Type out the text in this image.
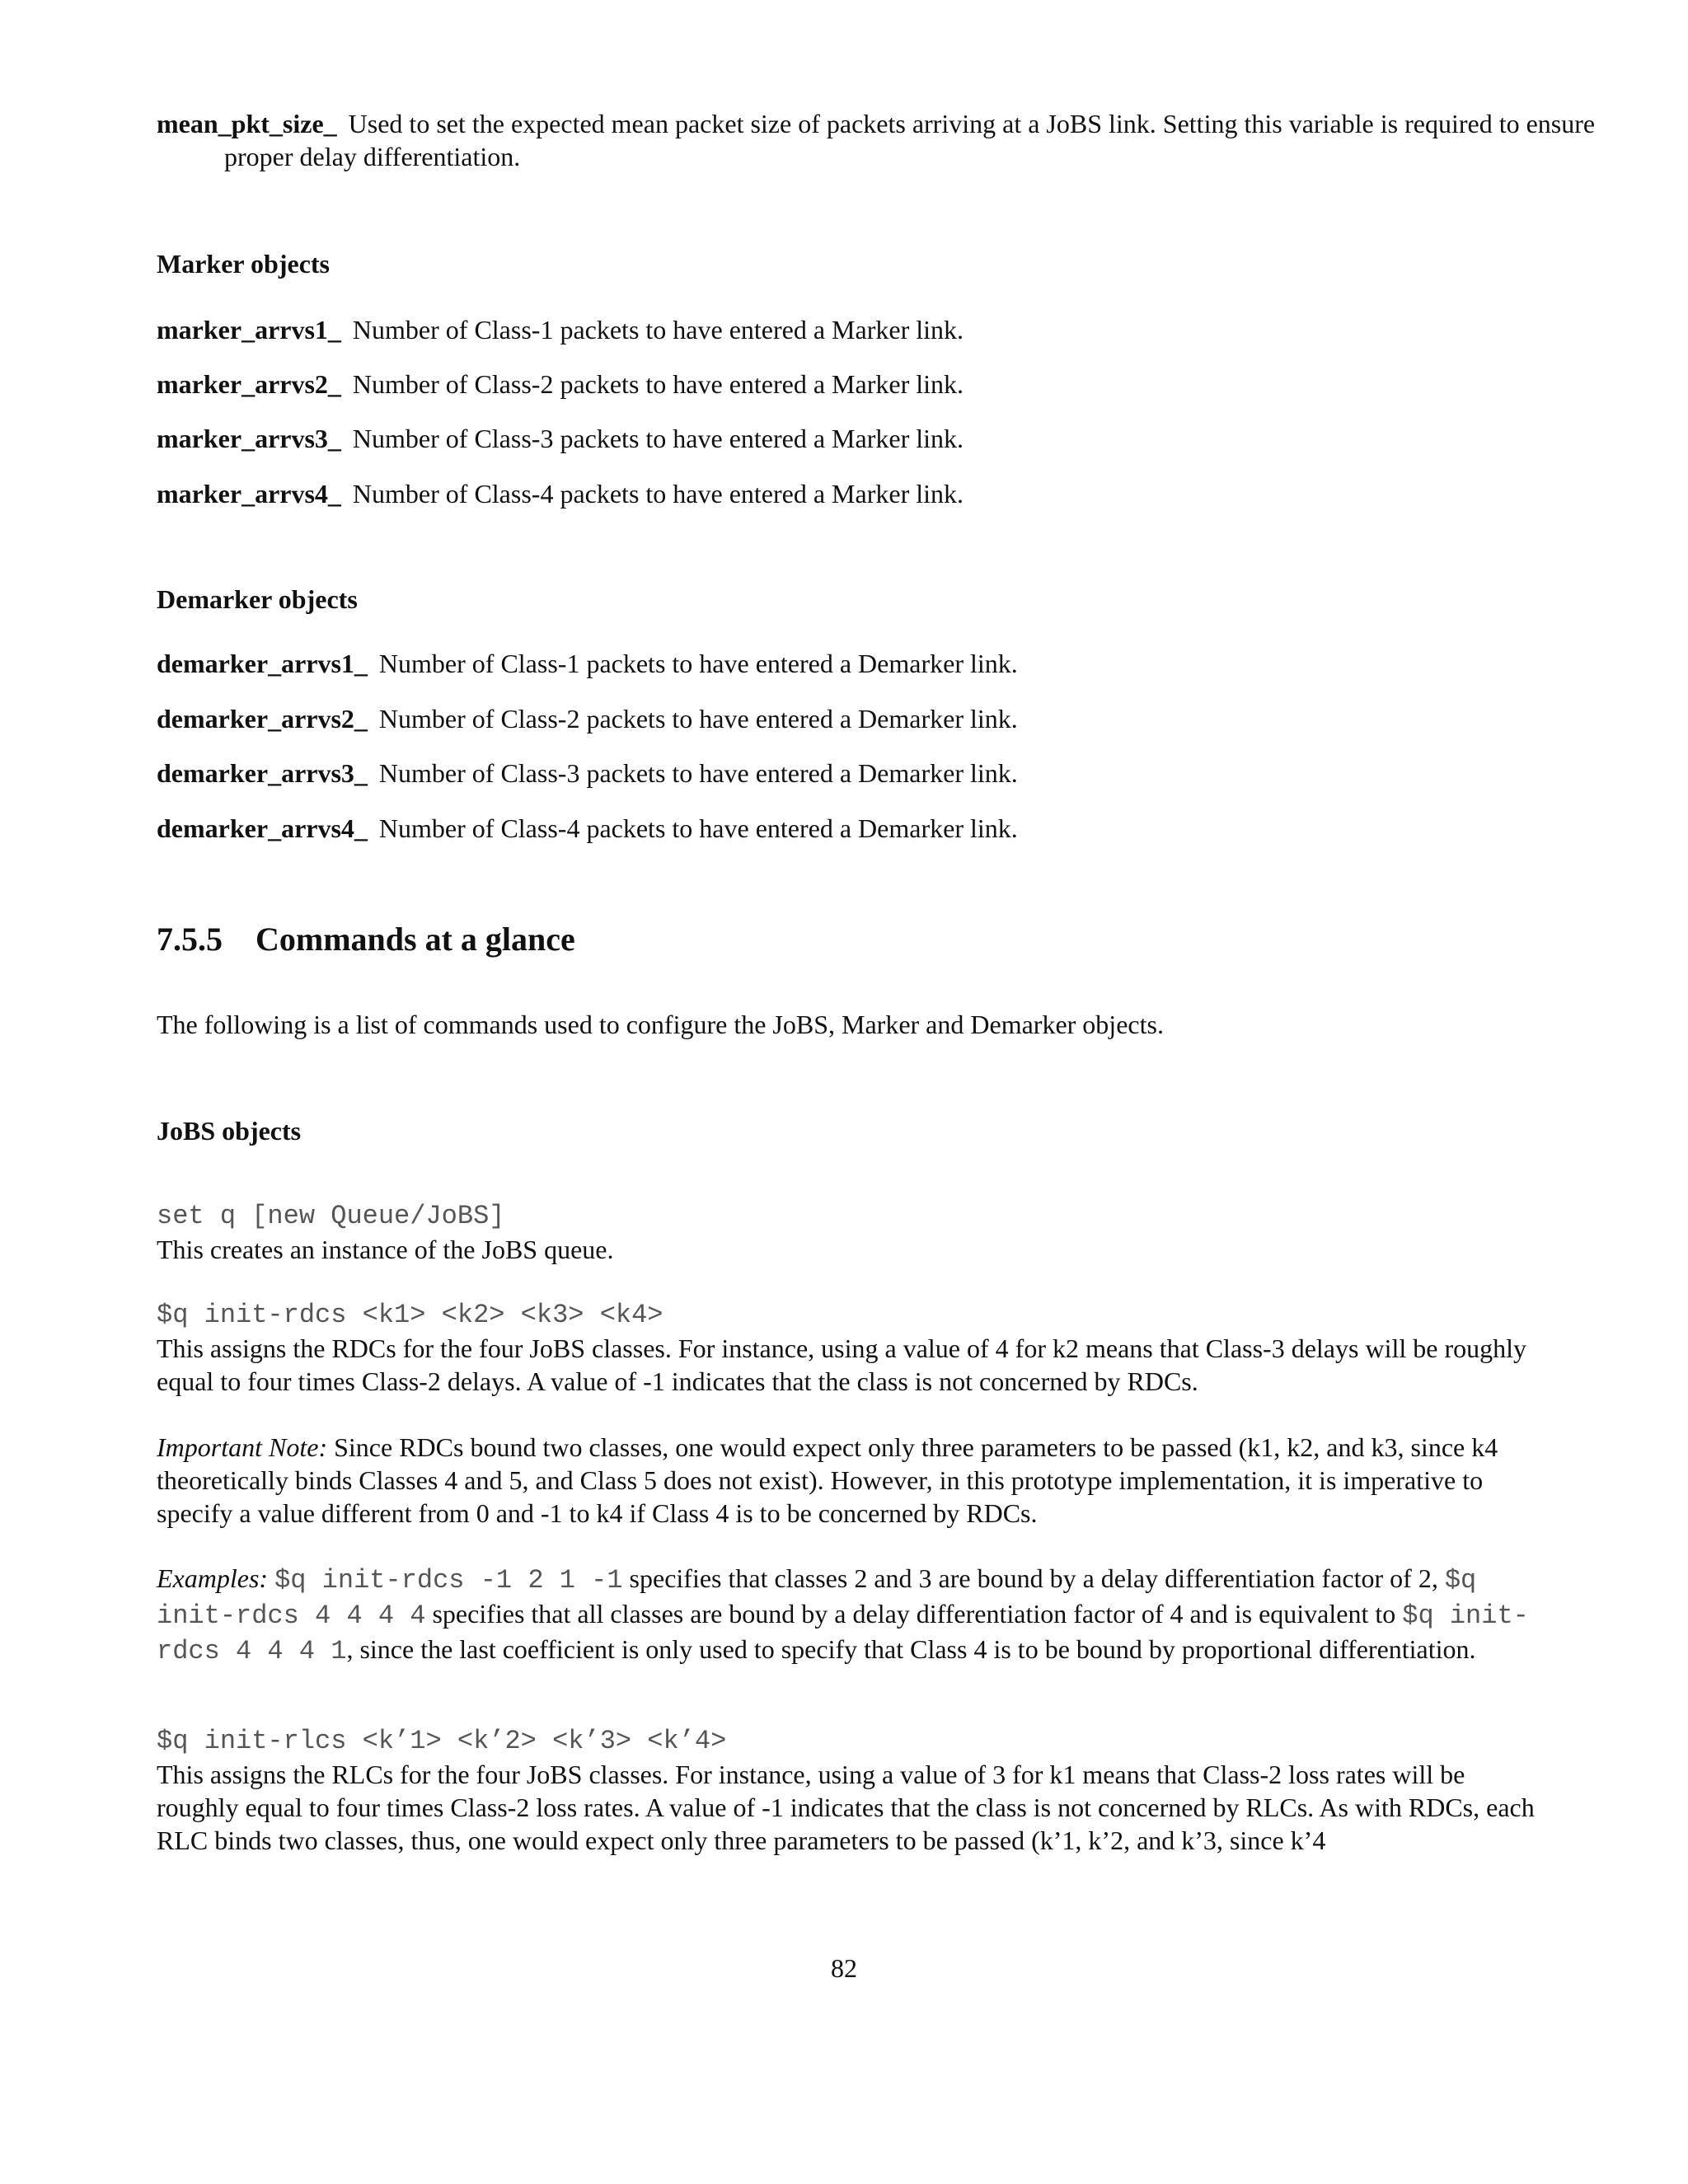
mean_pkt_size_ Used to set the expected mean packet size of packets arriving at a JoBS link. Setting this variable is required to ensure proper delay differentiation.
Marker objects
marker_arrvs1_ Number of Class-1 packets to have entered a Marker link.
marker_arrvs2_ Number of Class-2 packets to have entered a Marker link.
marker_arrvs3_ Number of Class-3 packets to have entered a Marker link.
marker_arrvs4_ Number of Class-4 packets to have entered a Marker link.
Demarker objects
demarker_arrvs1_ Number of Class-1 packets to have entered a Demarker link.
demarker_arrvs2_ Number of Class-2 packets to have entered a Demarker link.
demarker_arrvs3_ Number of Class-3 packets to have entered a Demarker link.
demarker_arrvs4_ Number of Class-4 packets to have entered a Demarker link.
7.5.5 Commands at a glance
The following is a list of commands used to configure the JoBS, Marker and Demarker objects.
JoBS objects
set q [new Queue/JoBS]
This creates an instance of the JoBS queue.
$q init-rdcs <k1> <k2> <k3> <k4>
This assigns the RDCs for the four JoBS classes. For instance, using a value of 4 for k2 means that Class-3 delays will be roughly equal to four times Class-2 delays. A value of -1 indicates that the class is not concerned by RDCs.
Important Note: Since RDCs bound two classes, one would expect only three parameters to be passed (k1, k2, and k3, since k4 theoretically binds Classes 4 and 5, and Class 5 does not exist). However, in this prototype implementation, it is imperative to specify a value different from 0 and -1 to k4 if Class 4 is to be concerned by RDCs.
Examples: $q init-rdcs -1 2 1 -1 specifies that classes 2 and 3 are bound by a delay differentiation factor of 2, $q init-rdcs 4 4 4 4 specifies that all classes are bound by a delay differentiation factor of 4 and is equivalent to $q init-rdcs 4 4 4 1, since the last coefficient is only used to specify that Class 4 is to be bound by proportional differentiation.
$q init-rlcs <k’1> <k’2> <k’3> <k’4>
This assigns the RLCs for the four JoBS classes. For instance, using a value of 3 for k1 means that Class-2 loss rates will be roughly equal to four times Class-2 loss rates. A value of -1 indicates that the class is not concerned by RLCs. As with RDCs, each RLC binds two classes, thus, one would expect only three parameters to be passed (k’1, k’2, and k’3, since k’4
82
